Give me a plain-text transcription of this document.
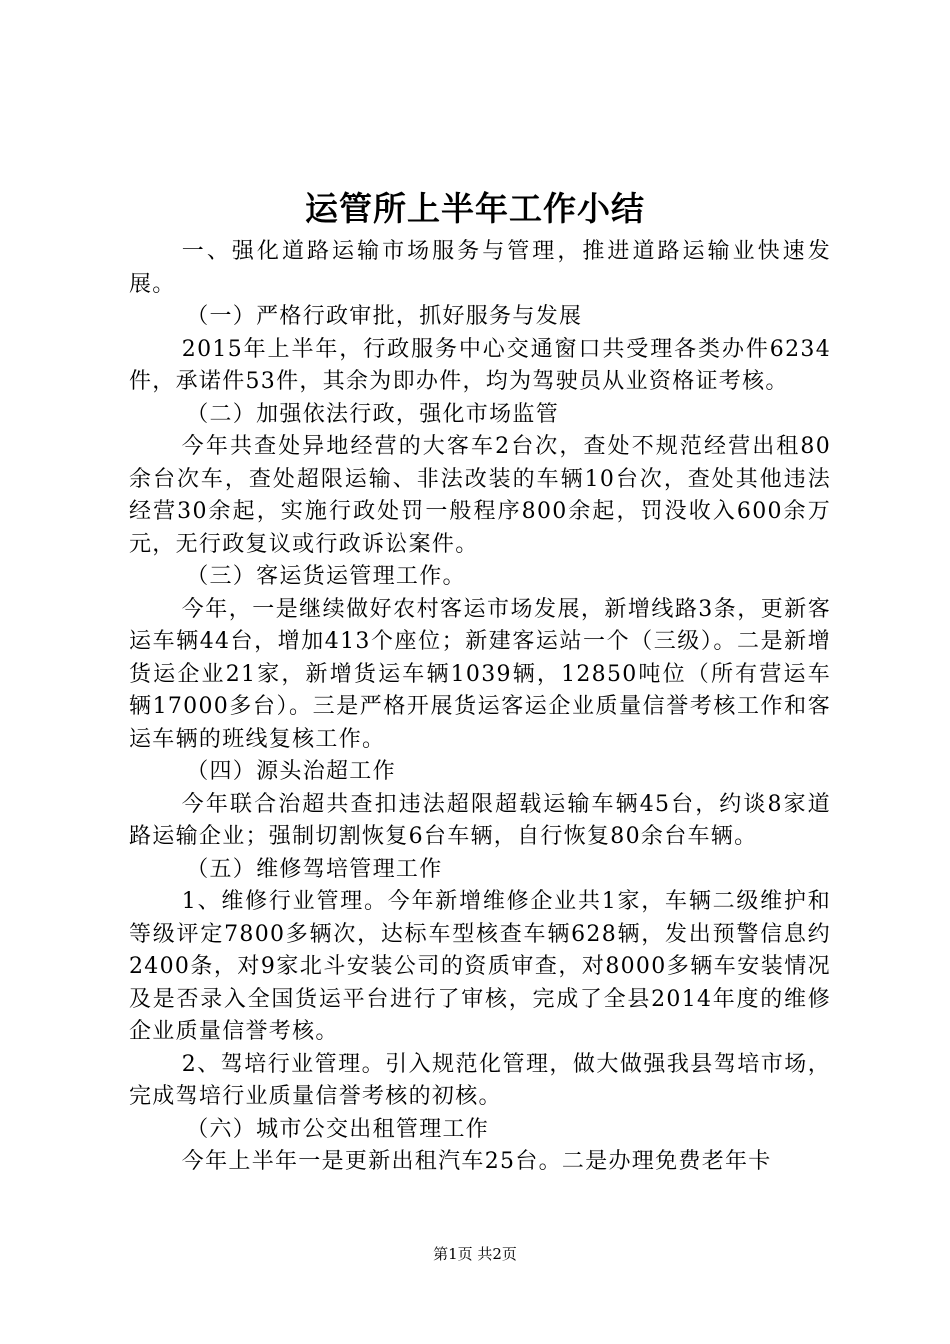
运管所上半年工作小结

一、强化道路运输市场服务与管理，推进道路运输业快速发展。

（一）严格行政审批，抓好服务与发展

2015年上半年，行政服务中心交通窗口共受理各类办件6234件，承诺件53件，其余为即办件，均为驾驶员从业资格证考核。

（二）加强依法行政，强化市场监管

今年共查处异地经营的大客车2台次，查处不规范经营出租80余台次车，查处超限运输、非法改装的车辆10台次，查处其他违法经营30余起，实施行政处罚一般程序800余起，罚没收入600余万元，无行政复议或行政诉讼案件。

（三）客运货运管理工作。

今年，一是继续做好农村客运市场发展，新增线路3条，更新客运车辆44台，增加413个座位；新建客运站一个（三级）。二是新增货运企业21家，新增货运车辆1039辆，12850吨位（所有营运车辆17000多台）。三是严格开展货运客运企业质量信誉考核工作和客运车辆的班线复核工作。

（四）源头治超工作

今年联合治超共查扣违法超限超载运输车辆45台，约谈8家道路运输企业；强制切割恢复6台车辆，自行恢复80余台车辆。

（五）维修驾培管理工作

1、维修行业管理。今年新增维修企业共1家，车辆二级维护和等级评定7800多辆次，达标车型核查车辆628辆，发出预警信息约2400条，对9家北斗安装公司的资质审查，对8000多辆车安装情况及是否录入全国货运平台进行了审核，完成了全县2014年度的维修企业质量信誉考核。

2、驾培行业管理。引入规范化管理，做大做强我县驾培市场，完成驾培行业质量信誉考核的初核。

（六）城市公交出租管理工作

今年上半年一是更新出租汽车25台。二是办理免费老年卡

第1页 共2页
